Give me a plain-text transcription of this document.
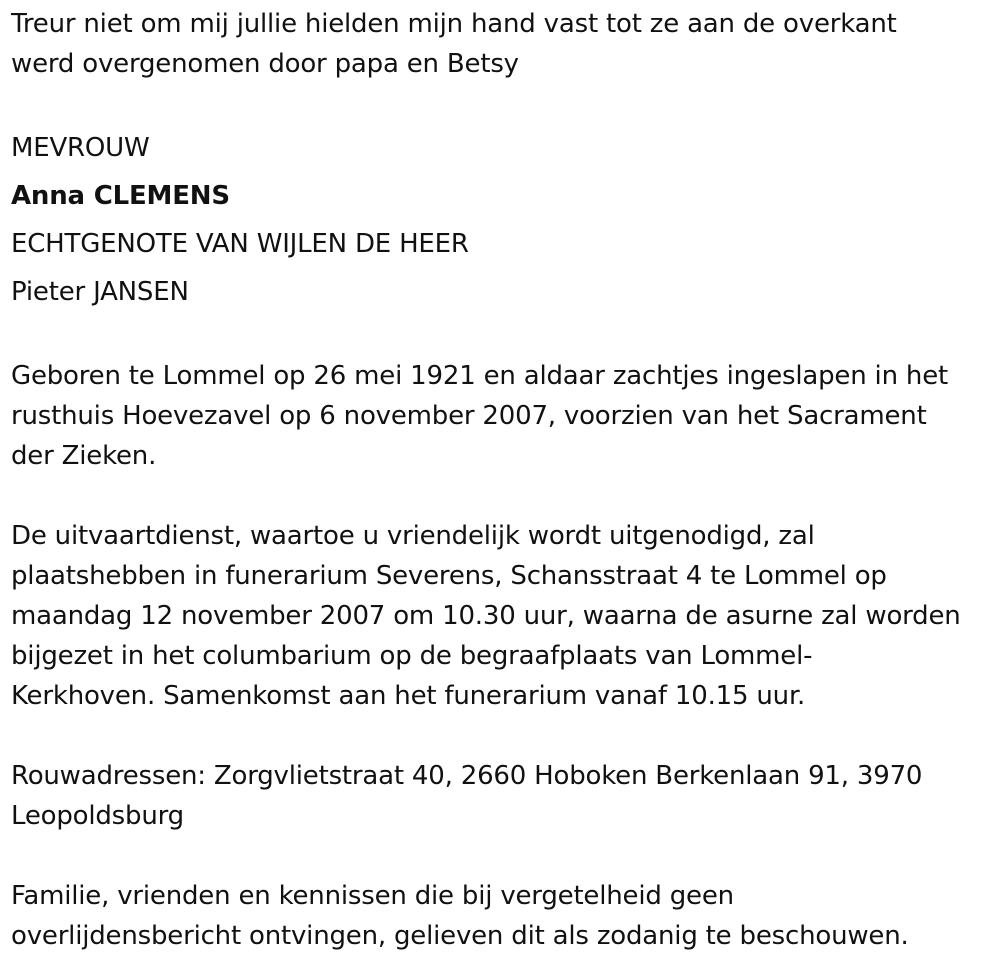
Treur niet om mij jullie hielden mijn hand vast tot ze aan de overkant
werd overgenomen door papa en Betsy
MEVROUW
Anna CLEMENS
ECHTGENOTE VAN WIJLEN DE HEER
Pieter JANSEN
Geboren te Lommel op 26 mei 1921 en aldaar zachtjes ingeslapen in het
rusthuis Hoevezavel op 6 november 2007, voorzien van het Sacrament
der Zieken.
De uitvaartdienst, waartoe u vriendelijk wordt uitgenodigd, zal
plaatshebben in funerarium Severens, Schansstraat 4 te Lommel op
maandag 12 november 2007 om 10.30 uur, waarna de asurne zal worden
bijgezet in het columbarium op de begraafplaats van Lommel-
Kerkhoven. Samenkomst aan het funerarium vanaf 10.15 uur.
Rouwadressen: Zorgvlietstraat 40, 2660 Hoboken Berkenlaan 91, 3970
Leopoldsburg
Familie, vrienden en kennissen die bij vergetelheid geen
overlijdensbericht ontvingen, gelieven dit als zodanig te beschouwen.
